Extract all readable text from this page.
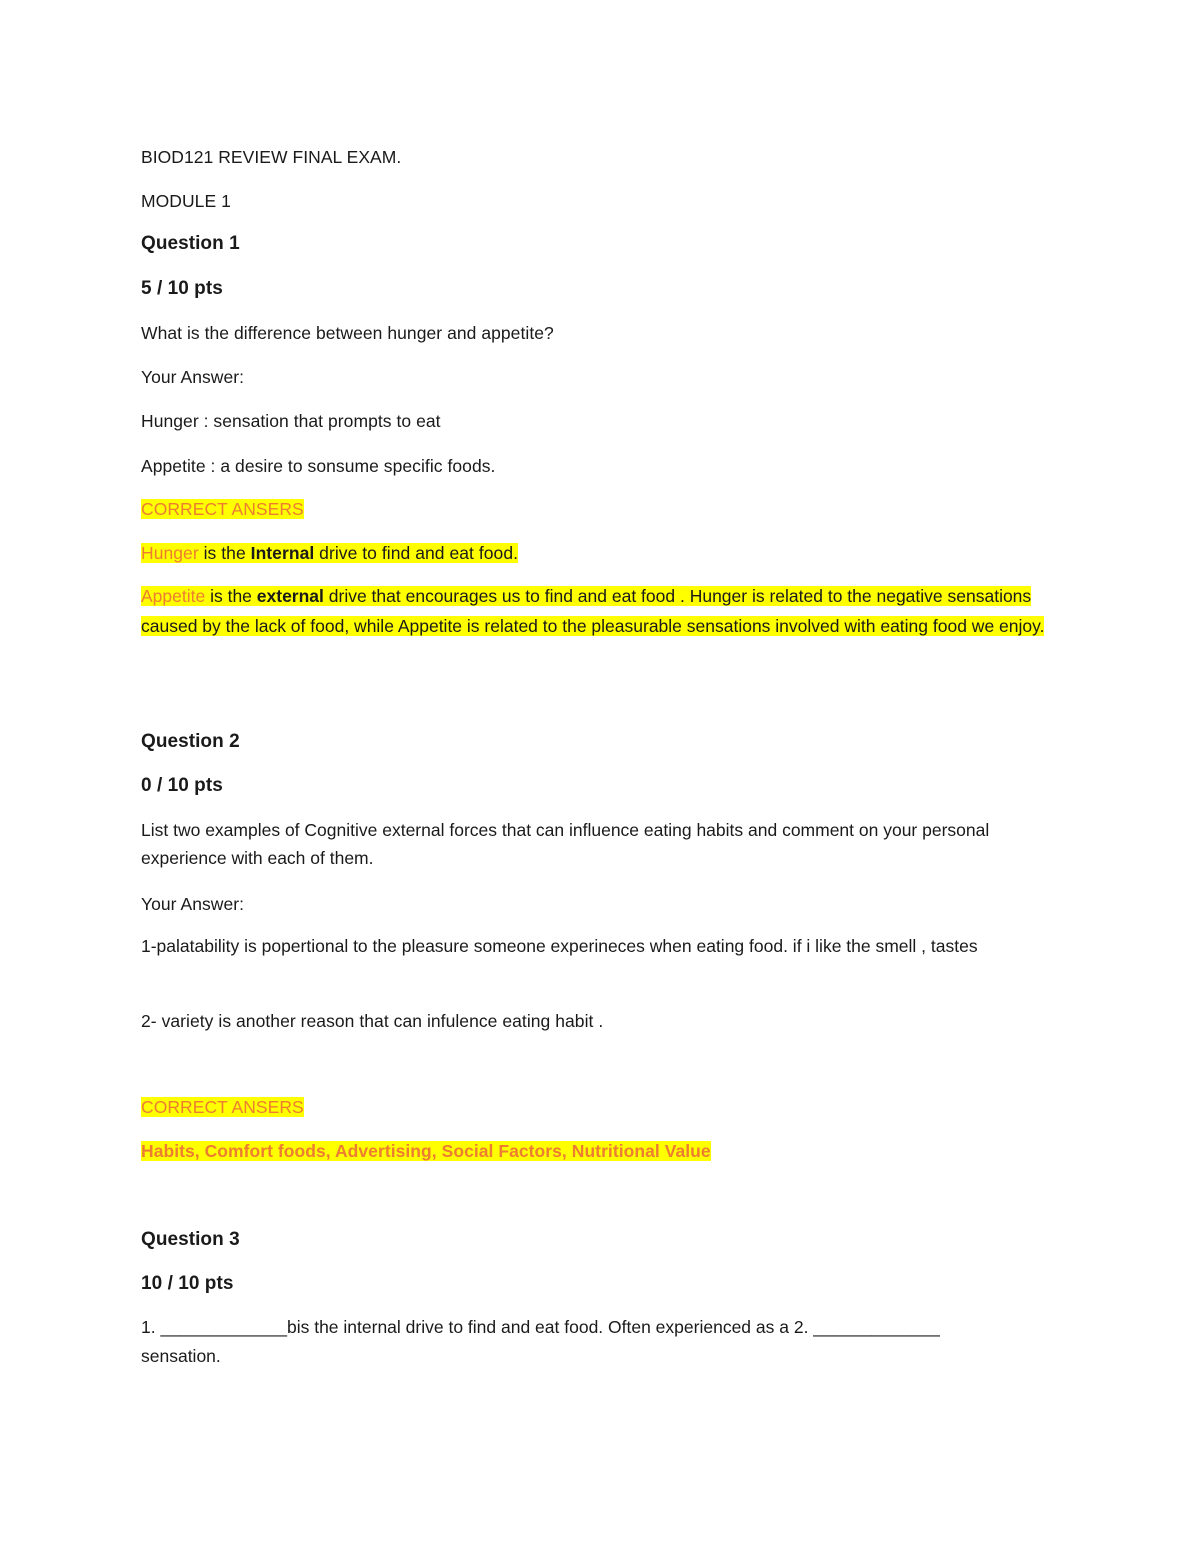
BIOD121 REVIEW FINAL EXAM.
MODULE 1
Question 1
5 / 10 pts
What is the difference between hunger and appetite?
Your Answer:
Hunger : sensation that prompts to eat
Appetite : a desire to sonsume specific foods.
CORRECT ANSERS
Hunger is the Internal drive to find and eat food.
Appetite is the external drive that encourages us to find and eat food . Hunger is related to the negative sensations caused by the lack of food, while Appetite is related to the pleasurable sensations involved with eating food we enjoy.
Question 2
0 / 10 pts
List two examples of Cognitive external forces that can influence eating habits and comment on your personal experience with each of them.
Your Answer:
1-palatability is popertional to the pleasure someone experineces when eating food. if i like the smell , tastes
2- variety is another reason that can infulence eating habit .
CORRECT ANSERS
Habits, Comfort foods, Advertising, Social Factors, Nutritional Value
Question 3
10 / 10 pts
1. _____________bis the internal drive to find and eat food. Often experienced as a 2. _____________ sensation.
